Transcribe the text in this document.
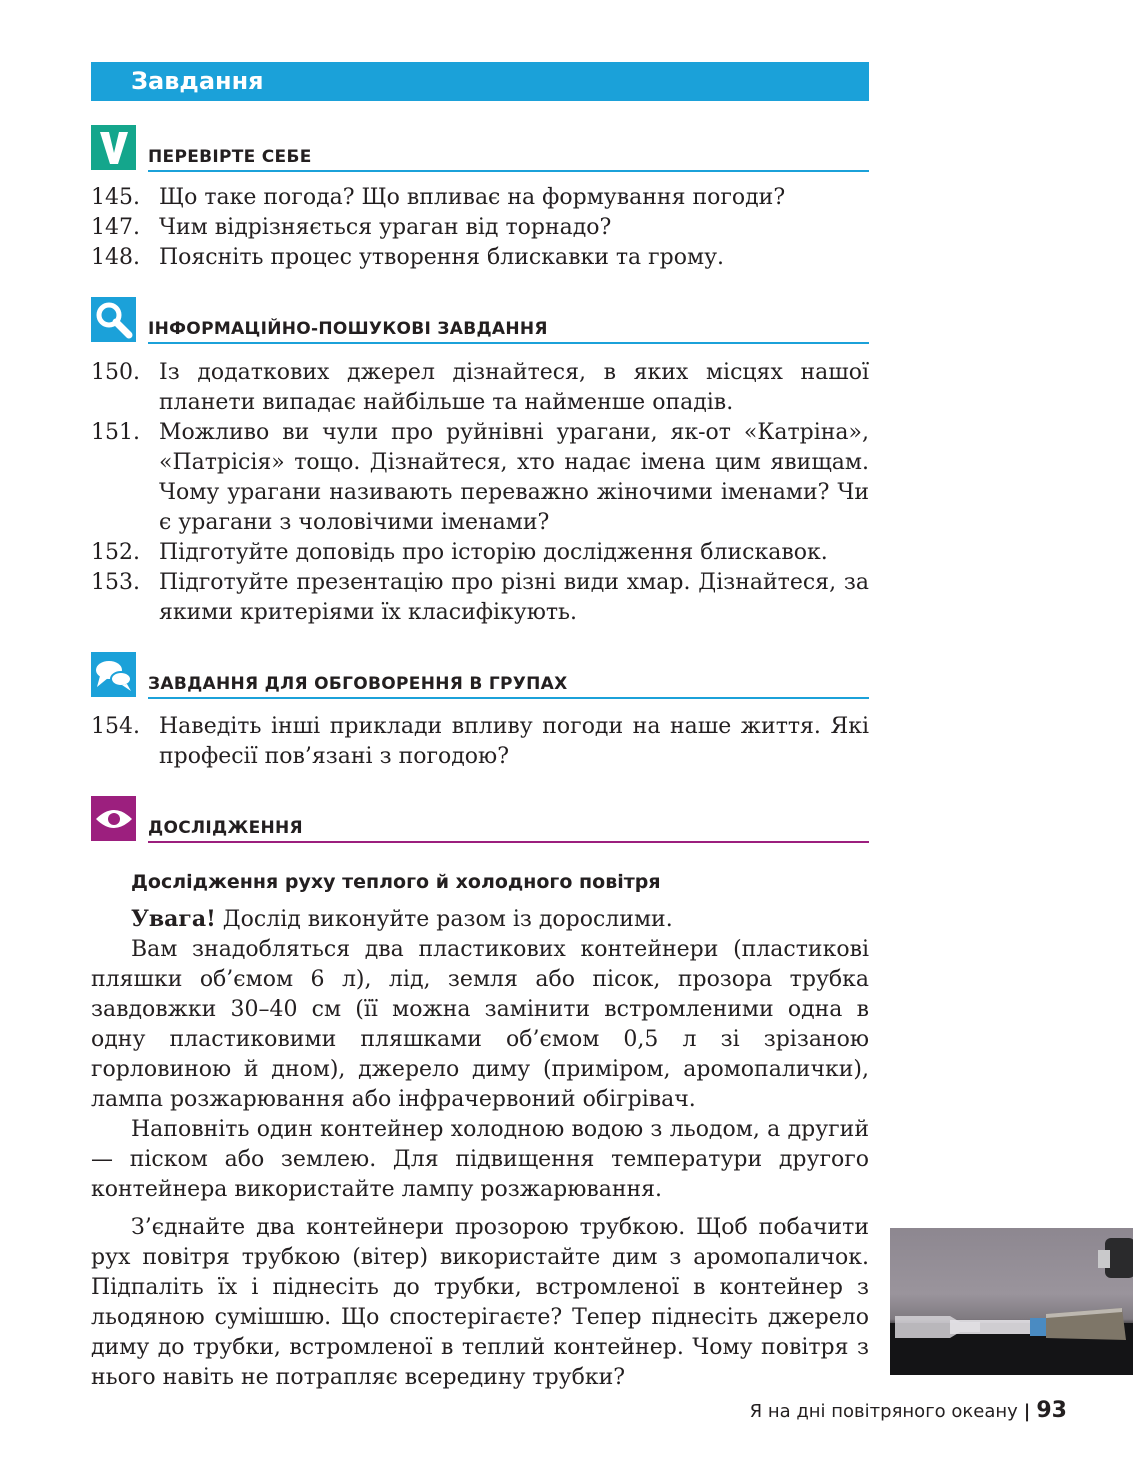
Завдання
ПЕРЕВІРТЕ СЕБЕ
145. Що таке погода? Що впливає на формування погоди?
147. Чим відрізняється ураган від торнадо?
148. Поясніть процес утворення блискавки та грому.
ІНФОРМАЦІЙНО-ПОШУКОВІ ЗАВДАННЯ
150. Із додаткових джерел дізнайтеся, в яких місцях нашої планети випадає найбільше та найменше опадів.
151. Можливо ви чули про руйнівні урагани, як-от «Катріна», «Патрісія» тощо. Дізнайтеся, хто надає імена цим явищам. Чому урагани називають переважно жіночими іменами? Чи є урагани з чоловічими іменами?
152. Підготуйте доповідь про історію дослідження блискавок.
153. Підготуйте презентацію про різні види хмар. Дізнайтеся, за якими критеріями їх класифікують.
ЗАВДАННЯ ДЛЯ ОБГОВОРЕННЯ В ГРУПАХ
154. Наведіть інші приклади впливу погоди на наше життя. Які професії пов’язані з погодою?
ДОСЛІДЖЕННЯ
Дослідження руху теплого й холодного повітря

Увага! Дослід виконуйте разом із дорослими.

Вам знадобляться два пластикових контейнери (пластикові пляшки об’ємом 6 л), лід, земля або пісок, прозора трубка завдовжки 30–40 см (її можна замінити встромленими одна в одну пластиковими пляшками об’ємом 0,5 л зі зрізаною горловиною й дном), джерело диму (приміром, аромопалички), лампа розжарювання або інфрачервоний обігрівач.

Наповніть один контейнер холодною водою з льодом, а другий — піском або землею. Для підвищення температури другого контейнера використайте лампу розжарювання.

З’єднайте два контейнери прозорою трубкою. Щоб побачити рух повітря трубкою (вітер) використайте дим з аромопаличок. Підпаліть їх і піднесіть до трубки, встромленої в контейнер з льодяною сумішшю. Що спостерігаєте? Тепер піднесіть джерело диму до трубки, встромленої в теплий контейнер. Чому повітря з нього навіть не потрапляє всередину трубки?

Я на дні повітряного океану | 93
